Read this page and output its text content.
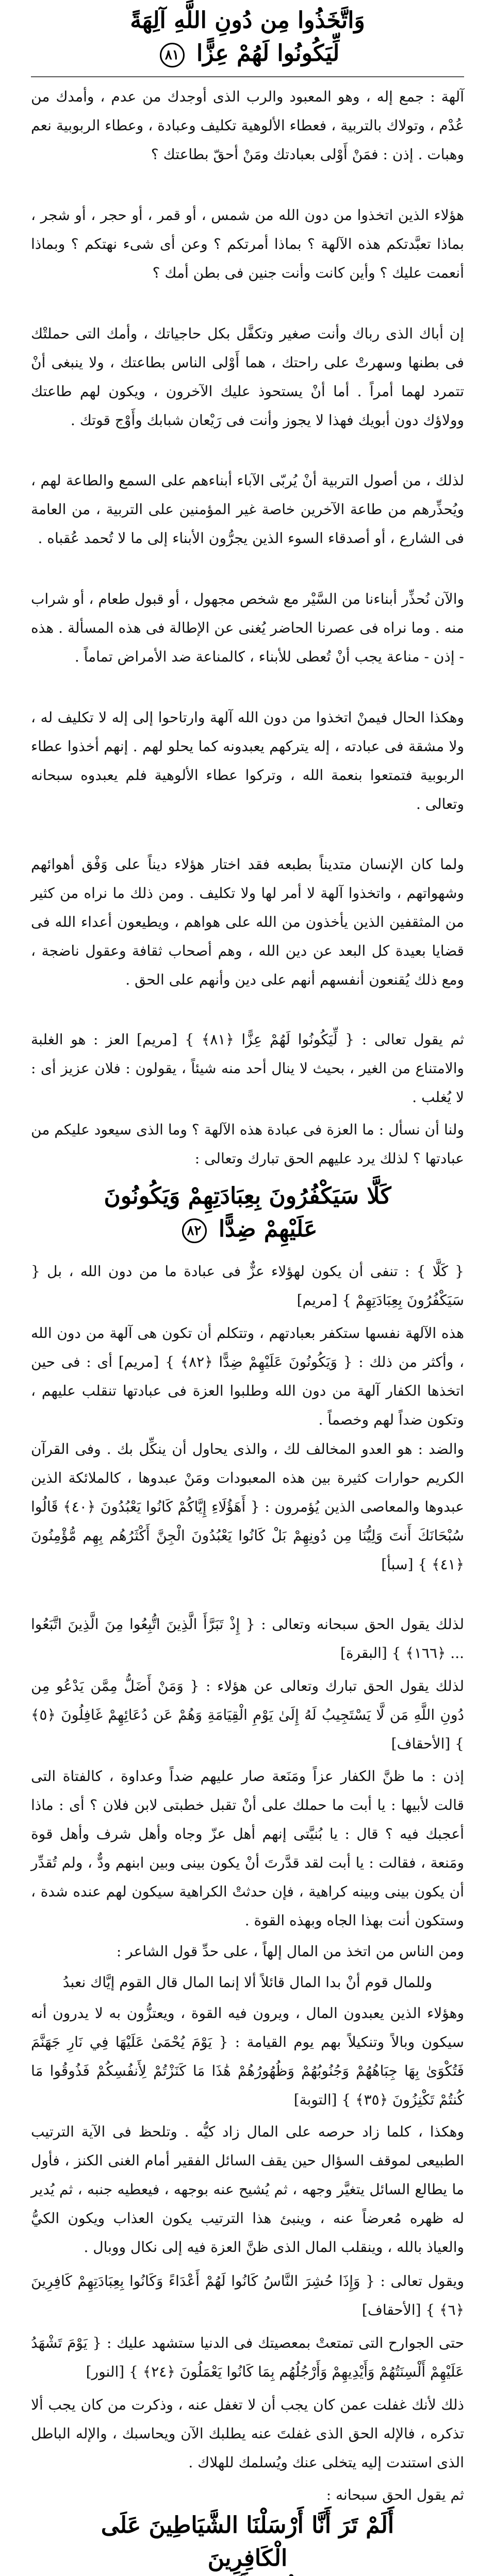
وَاتَّخَذُوا مِن دُونِ اللَّهِ آلِهَةً
لِّيَكُونُوا لَهُمْ عِزًّا ٨١
آلهة : جمع إله ، وهو المعبود والرب الذى أوجدك من عدم ، وأمدك من عُدْم ، وتولاك بالتربية ، فعطاء الألوهية تكليف وعبادة ، وعطاء الربوبية نعم وهبات . إذن : فمَنْ أَوْلى بعبادتك ومَنْ أحقّ بطاعتك ؟
هؤلاء الذين اتخذوا من دون الله من شمس ، أو قمر ، أو حجر ، أو شجر ، بماذا تعبَّدتكم هذه الآلهة ؟ بماذا أمرتكم ؟ وعن أى شىء نهتكم ؟ وبماذا أنعمت عليك ؟ وأين كانت وأنت جنين فى بطن أمك ؟
إن أباك الذى رباك وأنت صغير وتكفَّل بكل حاجياتك ، وأمك التى حملتْك فى بطنها وسهرتْ على راحتك ، هما أَوْلى الناس بطاعتك ، ولا ينبغى أنْ تتمرد لهما أمراً . أما أنْ يستحوذ عليك الآخرون ، ويكون لهم طاعتك وولاؤك دون أبويك فهذا لا يجوز وأنت فى رَيْعان شبابك وأَوْج قوتك .
لذلك ، من أصول التربية أنْ يُربّى الآباء أبناءهم على السمع والطاعة لهم ، ويُحذِّرهم من طاعة الآخرين خاصة غير المؤمنين على التربية ، من العامة فى الشارع ، أو أصدقاء السوء الذين يجرُّون الأبناء إلى ما لا تُحمد عُقباه .
والآن نُحذِّر أبناءنا من السَّيْر مع شخص مجهول ، أو قبول طعام ، أو شراب منه . وما نراه فى عصرنا الحاضر يُغنى عن الإطالة فى هذه المسألة . هذه - إذن - مناعة يجب أنْ تُعطى للأبناء ، كالمناعة ضد الأمراض تماماً .
وهكذا الحال فيمنْ اتخذوا من دون الله آلهة وارتاحوا إلى إله لا تكليف له ، ولا مشقة فى عبادته ، إله يتركهم يعبدونه كما يحلو لهم . إنهم أخذوا عطاء الربوبية فتمتعوا بنعمة الله ، وتركوا عطاء الألوهية فلم يعبدوه سبحانه وتعالى .
ولما كان الإنسان متديناً بطبعه فقد اختار هؤلاء ديناً على وَفْق أهوائهم وشهواتهم ، واتخذوا آلهة لا أمر لها ولا تكليف . ومن ذلك ما نراه من كثير من المثقفين الذين يأخذون من الله على هواهم ، ويطيعون أعداء الله فى قضايا بعيدة كل البعد عن دين الله ، وهم أصحاب ثقافة وعقول ناضجة ، ومع ذلك يُقنعون أنفسهم أنهم على دين وأنهم على الحق .
ثم يقول تعالى : { لِّيَكُونُوا لَهُمْ عِزًّا ﴿٨١﴾ } [مريم] العز : هو الغلبة والامتناع من الغير ، بحيث لا ينال أحد منه شيئاً ، يقولون : فلان عزيز أى : لا يُغلب .
ولنا أن نسأل : ما العزة فى عبادة هذه الآلهة ؟ وما الذى سيعود عليكم من عبادتها ؟ لذلك يرد عليهم الحق تبارك وتعالى :
كَلَّا سَيَكْفُرُونَ بِعِبَادَتِهِمْ وَيَكُونُونَ
عَلَيْهِمْ ضِدًّا ٨٢
{ كَلَّا } : تنفى أن يكون لهؤلاء عزٌّ فى عبادة ما من دون الله ، بل { سَيَكْفُرُونَ بِعِبَادَتِهِمْ } [مريم]
هذه الآلهة نفسها ستكفر بعبادتهم ، وتتكلم أن تكون هى آلهة من دون الله ، وأكثر من ذلك : { وَيَكُونُونَ عَلَيْهِمْ ضِدًّا ﴿٨٢﴾ } [مريم] أى : فى حين اتخذها الكفار آلهة من دون الله وطلبوا العزة فى عبادتها تنقلب عليهم ، وتكون ضداً لهم وخصماً .
والضد : هو العدو المخالف لك ، والذى يحاول أن ينكِّل بك . وفى القرآن الكريم حوارات كثيرة بين هذه المعبودات ومَنْ عبدوها ، كالملائكة الذين عبدوها والمعاصى الذين يُؤمرون : { أَهَؤُلَاءِ إِيَّاكُمْ كَانُوا يَعْبُدُونَ ﴿٤٠﴾ قَالُوا سُبْحَانَكَ أَنتَ وَلِيُّنَا مِن دُونِهِمْ بَلْ كَانُوا يَعْبُدُونَ الْجِنَّ أَكْثَرُهُم بِهِم مُّؤْمِنُونَ ﴿٤١﴾ } [سبأ]
لذلك يقول الحق سبحانه وتعالى : { إِذْ تَبَرَّأَ الَّذِينَ اتُّبِعُوا مِنَ الَّذِينَ اتَّبَعُوا ... ﴿١٦٦﴾ } [البقرة]
لذلك يقول الحق تبارك وتعالى عن هؤلاء : { وَمَنْ أَضَلُّ مِمَّن يَدْعُو مِن دُونِ اللَّهِ مَن لَّا يَسْتَجِيبُ لَهُ إِلَىٰ يَوْمِ الْقِيَامَةِ وَهُمْ عَن دُعَائِهِمْ غَافِلُونَ ﴿٥﴾ } [الأحقاف]
إذن : ما ظنَّ الكفار عزاً ومَنَعة صار عليهم ضداً وعداوة ، كالفتاة التى قالت لأبيها : يا أبت ما حملك على أنْ تقبل خطبتى لابن فلان ؟ أى : ماذا أعجبك فيه ؟ قال : يا بُنيَّتى إنهم أهل عزّ وجاه وأهل شرف وأهل قوة ومَنعة ، فقالت : يا أبت لقد قدَّرتَ أنْ يكون بينى وبين ابنهم ودٌّ ، ولم تُقدِّر أن يكون بينى وبينه كراهية ، فإن حدثتْ الكراهية سيكون لهم عنده شدة ، وستكون أنت بهذا الجاه وبهذه القوة .
ومن الناس من اتخذ من المال إلهاً ، على حدِّ قول الشاعر :
وللمال قوم أنْ بدا المال قائلاً ألا إنما المال قال القوم إيَّاك نعبدُ
وهؤلاء الذين يعبدون المال ، ويرون فيه القوة ، ويعتزُّون به لا يدرون أنه سيكون وبالاً وتنكيلاً بهم يوم القيامة : { يَوْمَ يُحْمَىٰ عَلَيْهَا فِي نَارِ جَهَنَّمَ فَتُكْوَىٰ بِهَا جِبَاهُهُمْ وَجُنُوبُهُمْ وَظُهُورُهُمْ هَٰذَا مَا كَنَزْتُمْ لِأَنفُسِكُمْ فَذُوقُوا مَا كُنتُمْ تَكْنِزُونَ ﴿٣٥﴾ } [التوبة]
وهكذا ، كلما زاد حرصه على المال زاد كيُّه . وتلحظ فى الآية الترتيب الطبيعى لموقف السؤال حين يقف السائل الفقير أمام الغنى الكنز ، فأول ما يطالع السائل يتغيَّر وجهه ، ثم يُشيح عنه بوجهه ، فيعطيه جنبه ، ثم يُدير له ظهره مُعرضاً عنه ، وينبئ هذا الترتيب يكون العذاب ويكون الكيُّ والعياذ بالله ، وينقلب المال الذى ظنَّ العزة فيه إلى نكال ووبال .
ويقول تعالى : { وَإِذَا حُشِرَ النَّاسُ كَانُوا لَهُمْ أَعْدَاءً وَكَانُوا بِعِبَادَتِهِمْ كَافِرِينَ ﴿٦﴾ } [الأحقاف]
حتى الجوارح التى تمتعتْ بمعصيتك فى الدنيا ستشهد عليك : { يَوْمَ تَشْهَدُ عَلَيْهِمْ أَلْسِنَتُهُمْ وَأَيْدِيهِمْ وَأَرْجُلُهُم بِمَا كَانُوا يَعْمَلُونَ ﴿٢٤﴾ } [النور]
ذلك لأنك غفلت عمن كان يجب أن لا تغفل عنه ، وذكرت من كان يجب ألا تذكره ، فالإله الحق الذى غفلتَ عنه يطلبك الآن ويحاسبك ، والإله الباطل الذى استندت إليه يتخلى عنك ويُسلمك للهلاك .
ثم يقول الحق سبحانه :
أَلَمْ تَرَ أَنَّا أَرْسَلْنَا الشَّيَاطِينَ عَلَى الْكَافِرِينَ
